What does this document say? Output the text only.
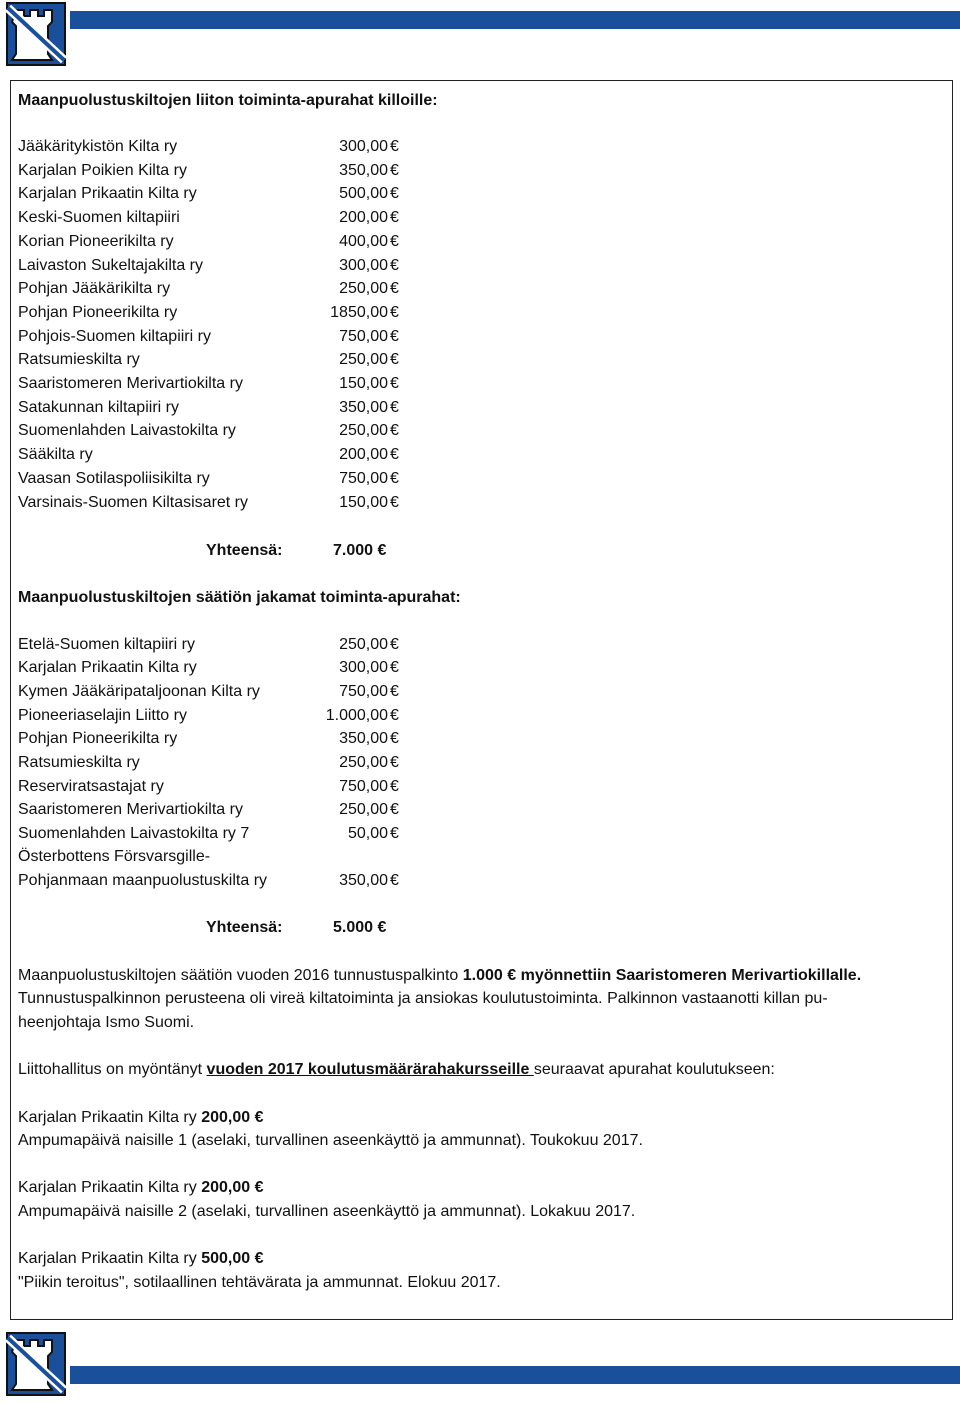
Maanpuolustuskiltojen liiton toiminta-apurahat killoille:
Jääkäritykistön Kilta ry	300,00 €
Karjalan Poikien Kilta ry	350,00 €
Karjalan Prikaatin Kilta ry	500,00 €
Keski-Suomen kiltapiiri	200,00 €
Korian Pioneerikilta ry	400,00 €
Laivaston Sukeltajakilta ry	300,00 €
Pohjan Jääkärikilta ry	250,00 €
Pohjan Pioneerikilta ry	1850,00 €
Pohjois-Suomen kiltapiiri ry	750,00 €
Ratsumieskilta ry	250,00 €
Saaristomeren Merivartiokilta ry	150,00 €
Satakunnan kiltapiiri ry	350,00 €
Suomenlahden Laivastokilta ry	250,00 €
Sääkilta ry	200,00 €
Vaasan Sotilaspoliisikilta ry	750,00 €
Varsinais-Suomen Kiltasisaret ry	150,00 €
Yhteensä:	7.000 €
Maanpuolustuskiltojen säätiön jakamat toiminta-apurahat:
Etelä-Suomen kiltapiiri ry	250,00 €
Karjalan Prikaatin Kilta ry	300,00 €
Kymen Jääkäripataljoonan Kilta ry	750,00 €
Pioneeriaselajin Liitto ry	1.000,00 €
Pohjan Pioneerikilta ry	350,00 €
Ratsumieskilta ry	250,00 €
Reserviratsastajat ry	750,00 €
Saaristomeren Merivartiokilta ry	250,00 €
Suomenlahden Laivastokilta ry 7	50,00 €
Österbottens Försvarsgille-
Pohjanmaan maanpuolustuskilta ry	350,00 €
Yhteensä:	5.000 €
Maanpuolustuskiltojen säätiön vuoden 2016 tunnustuspalkinto 1.000 € myönnettiin Saaristomeren Merivartiokillalle.
Tunnustuspalkinnon perusteena oli vireä kiltatoiminta ja ansiokas koulutustoiminta. Palkinnon vastaanotti killan pu-
heenjohtaja Ismo Suomi.
Liittohallitus on myöntänyt vuoden 2017 koulutusmäärärahakursseille seuraavat apurahat koulutukseen:
Karjalan Prikaatin Kilta ry 200,00 €
Ampumapäivä naisille 1 (aselaki, turvallinen aseenkäyttö ja ammunnat). Toukokuu 2017.
Karjalan Prikaatin Kilta ry 200,00 €
Ampumapäivä naisille 2 (aselaki, turvallinen aseenkäyttö ja ammunnat). Lokakuu 2017.
Karjalan Prikaatin Kilta ry 500,00 €
"Piikin teroitus", sotilaallinen tehtävärata ja ammunnat. Elokuu 2017.
